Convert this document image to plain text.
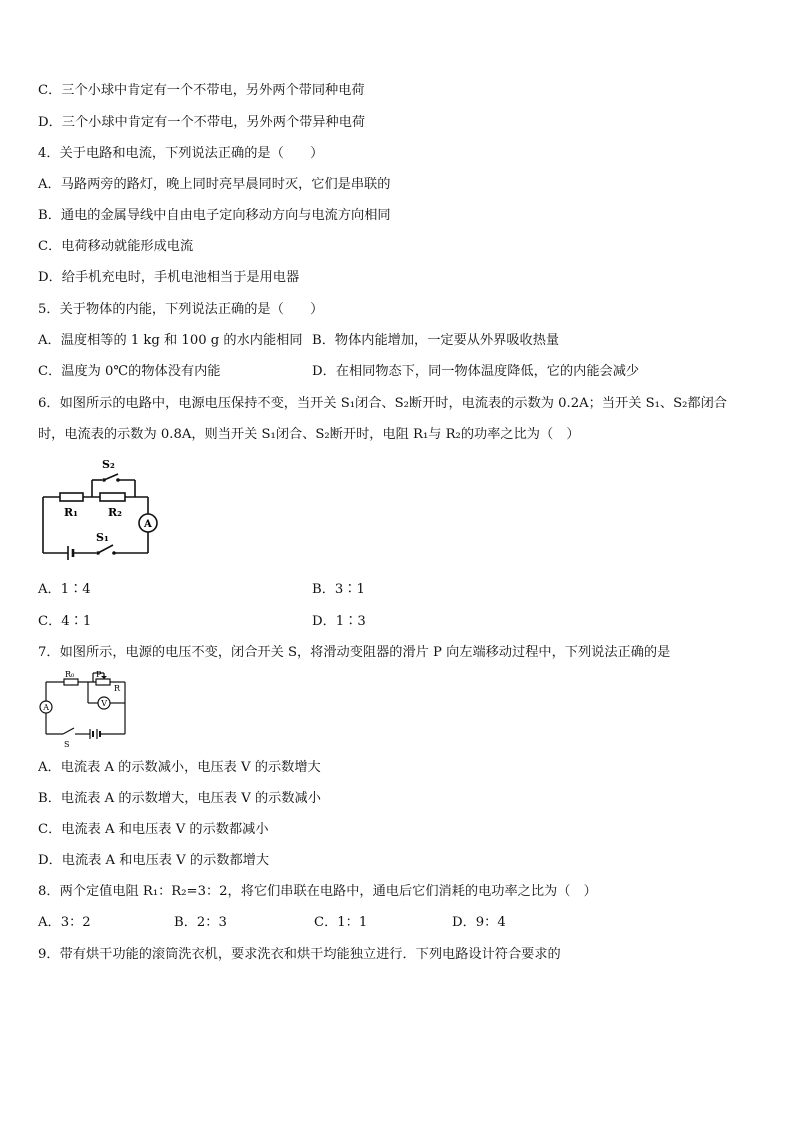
C．三个小球中肯定有一个不带电，另外两个带同种电荷
D．三个小球中肯定有一个不带电，另外两个带异种电荷
4．关于电路和电流，下列说法正确的是（　　）
A．马路两旁的路灯，晚上同时亮早晨同时灭，它们是串联的
B．通电的金属导线中自由电子定向移动方向与电流方向相同
C．电荷移动就能形成电流
D．给手机充电时，手机电池相当于是用电器
5．关于物体的内能，下列说法正确的是（　　）
A．温度相等的 1 kg 和 100 g 的水内能相同 B．物体内能增加，一定要从外界吸收热量
C．温度为 0℃的物体没有内能	D．在相同物态下，同一物体温度降低，它的内能会减少
6．如图所示的电路中，电源电压保持不变，当开关 S₁闭合、S₂断开时，电流表的示数为 0.2A；当开关 S₁、S₂都闭合
时，电流表的示数为 0.8A，则当开关 S₁闭合、S₂断开时，电阻 R₁与 R₂的功率之比为（　）
S₂
R₁	R₂
A
S₁
A．1∶4	B．3∶1
C．4∶1	D．1∶3
7．如图所示，电源的电压不变，闭合开关 S，将滑动变阻器的滑片 P 向左端移动过程中，下列说法正确的是
R₀	P
R
A	V
S
A．电流表 A 的示数减小，电压表 V 的示数增大
B．电流表 A 的示数增大，电压表 V 的示数减小
C．电流表 A 和电压表 V 的示数都减小
D．电流表 A 和电压表 V 的示数都增大
8．两个定值电阻 R₁：R₂=3：2，将它们串联在电路中，通电后它们消耗的电功率之比为（　）
A．3：2	B．2：3	C．1：1	D．9：4
9．带有烘干功能的滚筒洗衣机，要求洗衣和烘干均能独立进行．下列电路设计符合要求的
